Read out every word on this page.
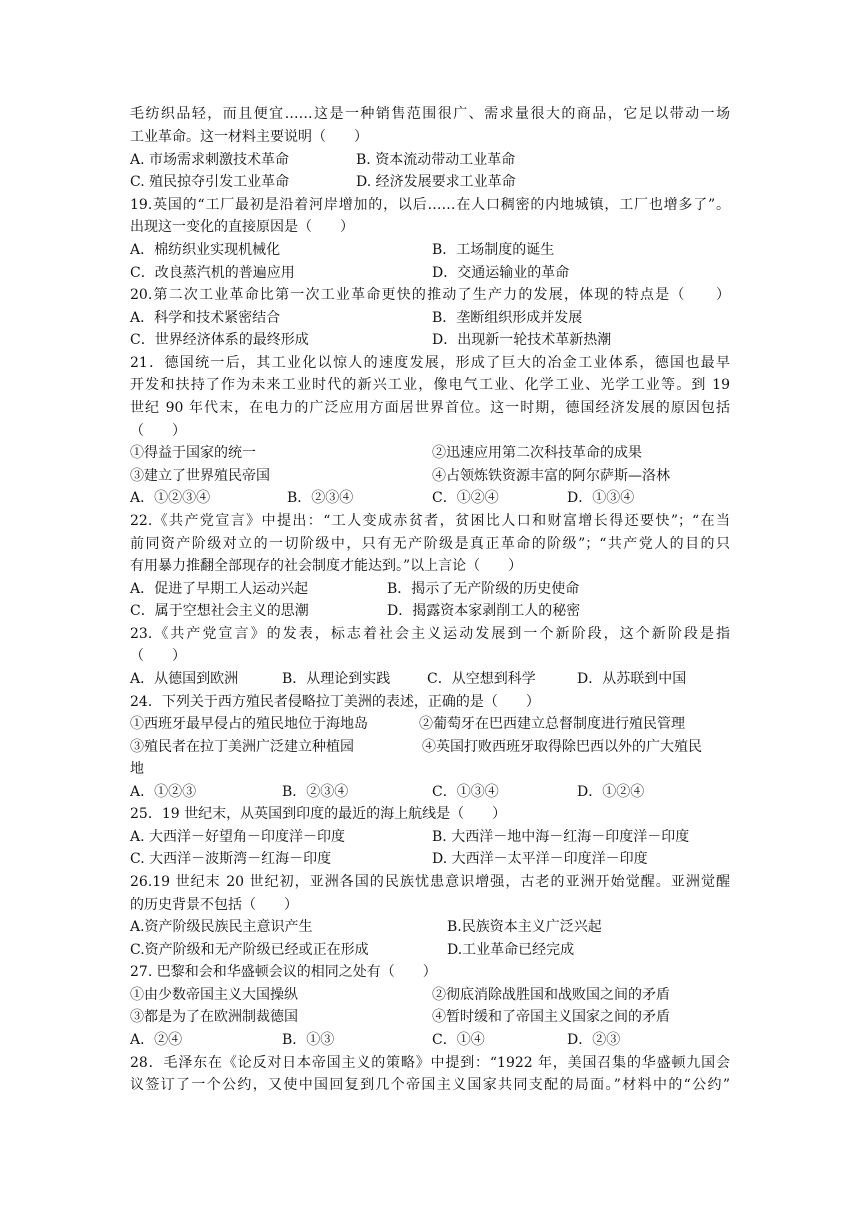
毛纺织品轻，而且便宜……这是一种销售范围很广、需求量很大的商品，它足以带动一场
工业革命。这一材料主要说明（　　）
A. 市场需求刺激技术革命	B. 资本流动带动工业革命
C. 殖民掠夺引发工业革命	D. 经济发展要求工业革命
19.英国的“工厂最初是沿着河岸增加的，以后……在人口稠密的内地城镇，工厂也增多了”。
出现这一变化的直接原因是（　　）
A．棉纺织业实现机械化	B．工场制度的诞生
C．改良蒸汽机的普遍应用	D．交通运输业的革命
20.第二次工业革命比第一次工业革命更快的推动了生产力的发展，体现的特点是（　　）
A．科学和技术紧密结合	B．垄断组织形成并发展
C．世界经济体系的最终形成	D．出现新一轮技术革新热潮
21．德国统一后，其工业化以惊人的速度发展，形成了巨大的冶金工业体系，德国也最早
开发和扶持了作为未来工业时代的新兴工业，像电气工业、化学工业、光学工业等。到 19
世纪 90 年代末，在电力的广泛应用方面居世界首位。这一时期，德国经济发展的原因包括
（　　）
①得益于国家的统一	②迅速应用第二次科技革命的成果
③建立了世界殖民帝国	④占领炼铁资源丰富的阿尔萨斯—洛林
A．①②③④	B．②③④	C．①②④	D．①③④
22.《共产党宣言》中提出：“工人变成赤贫者，贫困比人口和财富增长得还要快”；“在当
前同资产阶级对立的一切阶级中，只有无产阶级是真正革命的阶级”；“共产党人的目的只
有用暴力推翻全部现存的社会制度才能达到。”以上言论（　　）
A．促进了早期工人运动兴起	B．揭示了无产阶级的历史使命
C．属于空想社会主义的思潮	D．揭露资本家剥削工人的秘密
23.《共产党宣言》的发表，标志着社会主义运动发展到一个新阶段，这个新阶段是指
（　　）
A．从德国到欧洲	B．从理论到实践	C．从空想到科学	D．从苏联到中国
24．下列关于西方殖民者侵略拉丁美洲的表述，正确的是（　　）
①西班牙最早侵占的殖民地位于海地岛	②葡萄牙在巴西建立总督制度进行殖民管理
③殖民者在拉丁美洲广泛建立种植园	④英国打败西班牙取得除巴西以外的广大殖民
地
A．①②③	B．②③④	C．①③④	D．①②④
25．19 世纪末，从英国到印度的最近的海上航线是（　　）
A. 大西洋－好望角－印度洋－印度	B. 大西洋－地中海－红海－印度洋－印度
C. 大西洋－波斯湾－红海－印度	D. 大西洋－太平洋－印度洋－印度
26.19 世纪末 20 世纪初，亚洲各国的民族忧患意识增强，古老的亚洲开始觉醒。亚洲觉醒
的历史背景不包括（　　）
A.资产阶级民族民主意识产生	B.民族资本主义广泛兴起
C.资产阶级和无产阶级已经或正在形成	D.工业革命已经完成
27. 巴黎和会和华盛顿会议的相同之处有（　　）
①由少数帝国主义大国操纵	②彻底消除战胜国和战败国之间的矛盾
③都是为了在欧洲制裁德国	④暂时缓和了帝国主义国家之间的矛盾
A．②④	B．①③	C．①④	D．②③
28．毛泽东在《论反对日本帝国主义的策略》中提到：“1922 年，美国召集的华盛顿九国会
议签订了一个公约，又使中国回复到几个帝国主义国家共同支配的局面。”材料中的“公约”
